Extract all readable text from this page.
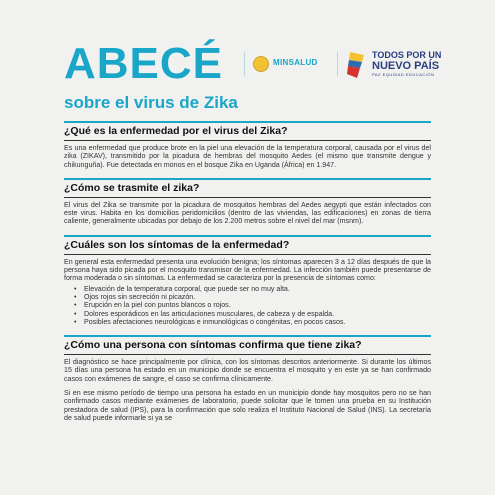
ABECÉ	MINSALUD
TODOS POR UN
NUEVO PAÍS
PAZ EQUIDAD EDUCACIÓN
sobre el virus de Zika
¿Qué es la enfermedad por el virus del Zika?

Es una enfermedad que produce brote en la piel una elevación de la temperatura corporal, causada por el virus del zika (ZIKAV), transmitido por la picadura de hembras del mosquito Aedes (el mismo que transmite dengue y chikunguña). Fue detectada en monos en el bosque Zika en Uganda (África) en 1.947.

¿Cómo se trasmite el zika?

El virus del Zika se transmite por la picadura de mosquitos hembras del Aedes aegypti que están infectados con este virus. Habita en los domicilios peridomicilios (dentro de las viviendas, las edificaciones) en zonas de tierra caliente, generalmente ubicadas por debajo de los 2.200 metros sobre el nivel del mar (msnm).

¿Cuáles son los síntomas de la enfermedad?

En general esta enfermedad presenta una evolución benigna; los síntomas aparecen 3 a 12 días después de que la persona haya sido picada por el mosquito transmisor de la enfermedad. La infección también puede presentarse de forma moderada o sin síntomas. La enfermedad se caracteriza por la presencia de síntomas como:

• Elevación de la temperatura corporal, que puede ser no muy alta.
• Ojos rojos sin secreción ni picazón.
• Erupción en la piel con puntos blancos o rojos.
• Dolores esporádicos en las articulaciones musculares, de cabeza y de espalda.
• Posibles afectaciones neurológicas e inmunológicas o congénitas, en pocos casos.
¿Cómo una persona con síntomas confirma que tiene zika?

El diagnóstico se hace principalmente por clínica, con los síntomas descritos anteriormente. Si durante los últimos 15 días una persona ha estado en un municipio donde se encuentra el mosquito y en este ya se han confirmado casos con exámenes de sangre, el caso se confirma clínicamente.

Si en ese mismo período de tiempo una persona ha estado en un municipio donde hay mosquitos pero no se han confirmado casos mediante exámenes de laboratorio, puede solicitar que le tomen una prueba en su Institución prestadora de salud (IPS), para la confirmación que solo realiza el Instituto Nacional de Salud (INS). La secretaría de salud puede informarle si ya se
